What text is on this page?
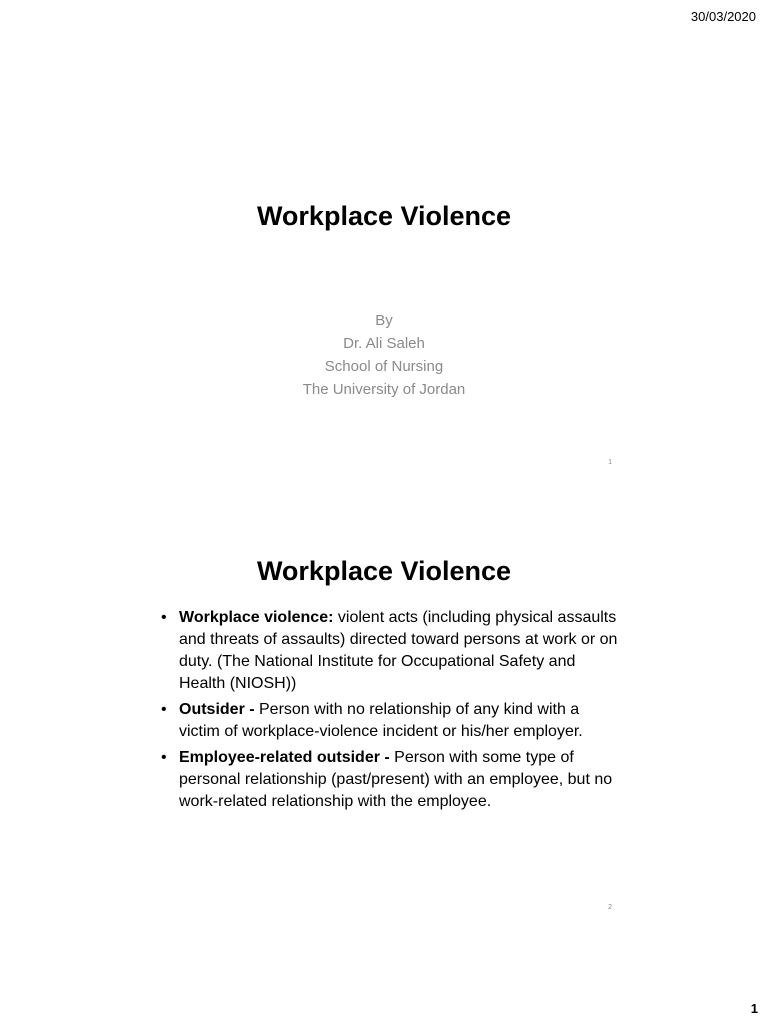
30/03/2020
Workplace Violence
By
Dr. Ali Saleh
School of Nursing
The University of Jordan
1
Workplace Violence
• Workplace violence: violent acts (including physical assaults and threats of assaults) directed toward persons at work or on duty. (The National Institute for Occupational Safety and Health (NIOSH))
• Outsider - Person with no relationship of any kind with a victim of workplace-violence incident or his/her employer.
• Employee-related outsider - Person with some type of personal relationship (past/present) with an employee, but no work-related relationship with the employee.
2
1
